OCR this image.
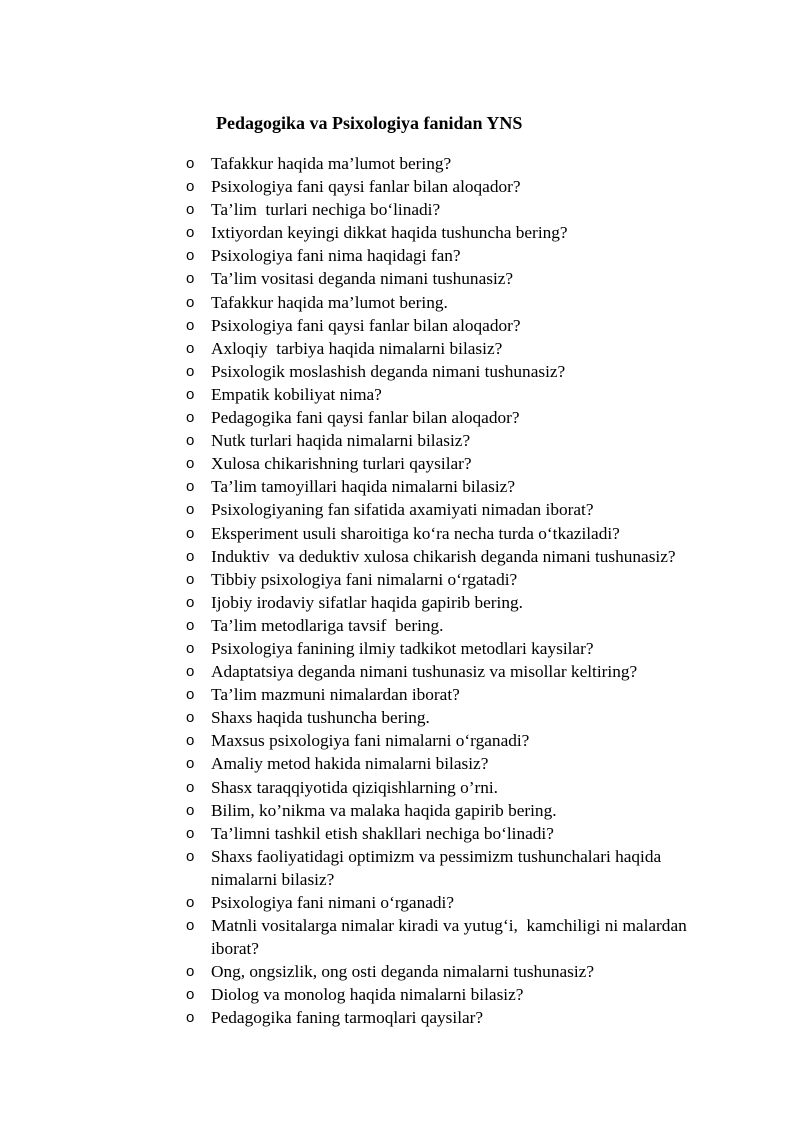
Pedagogika va Psixologiya fanidan YNS
o Tafakkur haqida ma’lumot bering?
o Psixologiya fani qaysi fanlar bilan aloqador?
o Ta’lim  turlari nechiga bo‘linadi?
o Ixtiyordan keyingi dikkat haqida tushuncha bering?
o Psixologiya fani nima haqidagi fan?
o Ta’lim vositasi deganda nimani tushunasiz?
o Tafakkur haqida ma’lumot bering.
o Psixologiya fani qaysi fanlar bilan aloqador?
o Axloqiy  tarbiya haqida nimalarni bilasiz?
o Psixologik moslashish deganda nimani tushunasiz?
o Empatik kobiliyat nima?
o Pedagogika fani qaysi fanlar bilan aloqador?
o Nutk turlari haqida nimalarni bilasiz?
o Xulosa chikarishning turlari qaysilar?
o Ta’lim tamoyillari haqida nimalarni bilasiz?
o Psixologiyaning fan sifatida axamiyati nimadan iborat?
o Eksperiment usuli sharoitiga ko‘ra necha turda o‘tkaziladi?
o Induktiv  va deduktiv xulosa chikarish deganda nimani tushunasiz?
o Tibbiy psixologiya fani nimalarni o‘rgatadi?
o Ijobiy irodaviy sifatlar haqida gapirib bering.
o Ta’lim metodlariga tavsif  bering.
o Psixologiya fanining ilmiy tadkikot metodlari kaysilar?
o Adaptatsiya deganda nimani tushunasiz va misollar keltiring?
o Ta’lim mazmuni nimalardan iborat?
o Shaxs haqida tushuncha bering.
o Maxsus psixologiya fani nimalarni o‘rganadi?
o Amaliy metod hakida nimalarni bilasiz?
o Shasx taraqqiyotida qiziqishlarning o’rni.
o Bilim, ko’nikma va malaka haqida gapirib bering.
o Ta’limni tashkil etish shakllari nechiga bo‘linadi?
o Shaxs faoliyatidagi optimizm va pessimizm tushunchalari haqida
nimalarni bilasiz?
o Psixologiya fani nimani o‘rganadi?
o Matnli vositalarga nimalar kiradi va yutug‘i,  kamchiligi ni malardan
iborat?
o Ong, ongsizlik, ong osti deganda nimalarni tushunasiz?
o Diolog va monolog haqida nimalarni bilasiz?
o Pedagogika faning tarmoqlari qaysilar?
